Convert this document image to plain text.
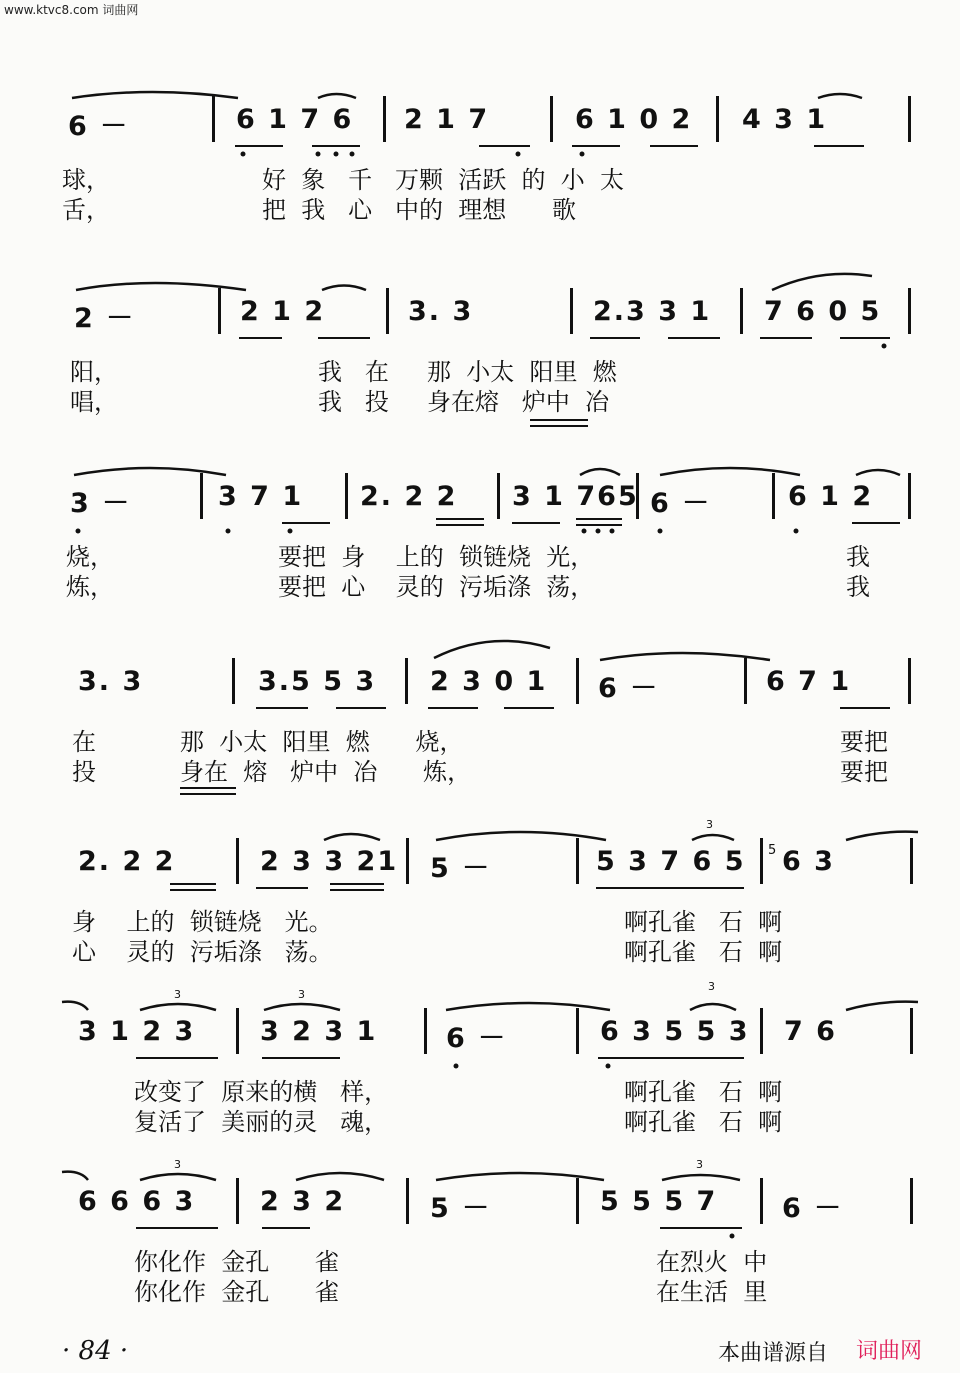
www.ktvc8.com 词曲网
6 －	6 1 7 6 2 1 7	6 1 0 2 4 3 1
球，	好  象   千   万颗  活跃  的  小  太
舌，	把  我   心   中的  理想      歌
2 －	2 1 2	3. 3	2.3 3 1 7 6 0 5
阳，	我   在     那  小太  阳里  燃
唱，	我   投     身在熔   炉中  冶
3 －	3 7 1 2. 2 2 3 1 765 6 －	6 1 2
烧，	要把  身    上的  锁链烧  光，	我
炼，	要把  心    灵的  污垢涤  荡，	我
3. 3	3.5 5 3 2 3 0 1 6 －	6 7 1
在	那  小太  阳里  燃      烧，	要把
投	身在  熔   炉中  冶      炼，	要把
2. 2 2	2 3 3 21 5 －	5 3 7 6 5 6 3
身    上的  锁链烧   光。	啊孔雀   石  啊
心    灵的  污垢涤   荡。	啊孔雀   石  啊
3
5
3 1 2 3 3 2 3 1	6 －	6 3 5 5 3 7 6
改变了  原来的横   样，	啊孔雀   石  啊
复活了  美丽的灵   魂，	啊孔雀   石  啊
3	3
3
6 6 6 3 2 3 2	5 －	5 5 5 7 6 －
你化作  金孔      雀	在烈火  中
你化作  金孔      雀	在生活  里
3	3
· 84 ·	本曲谱源自 词曲网
